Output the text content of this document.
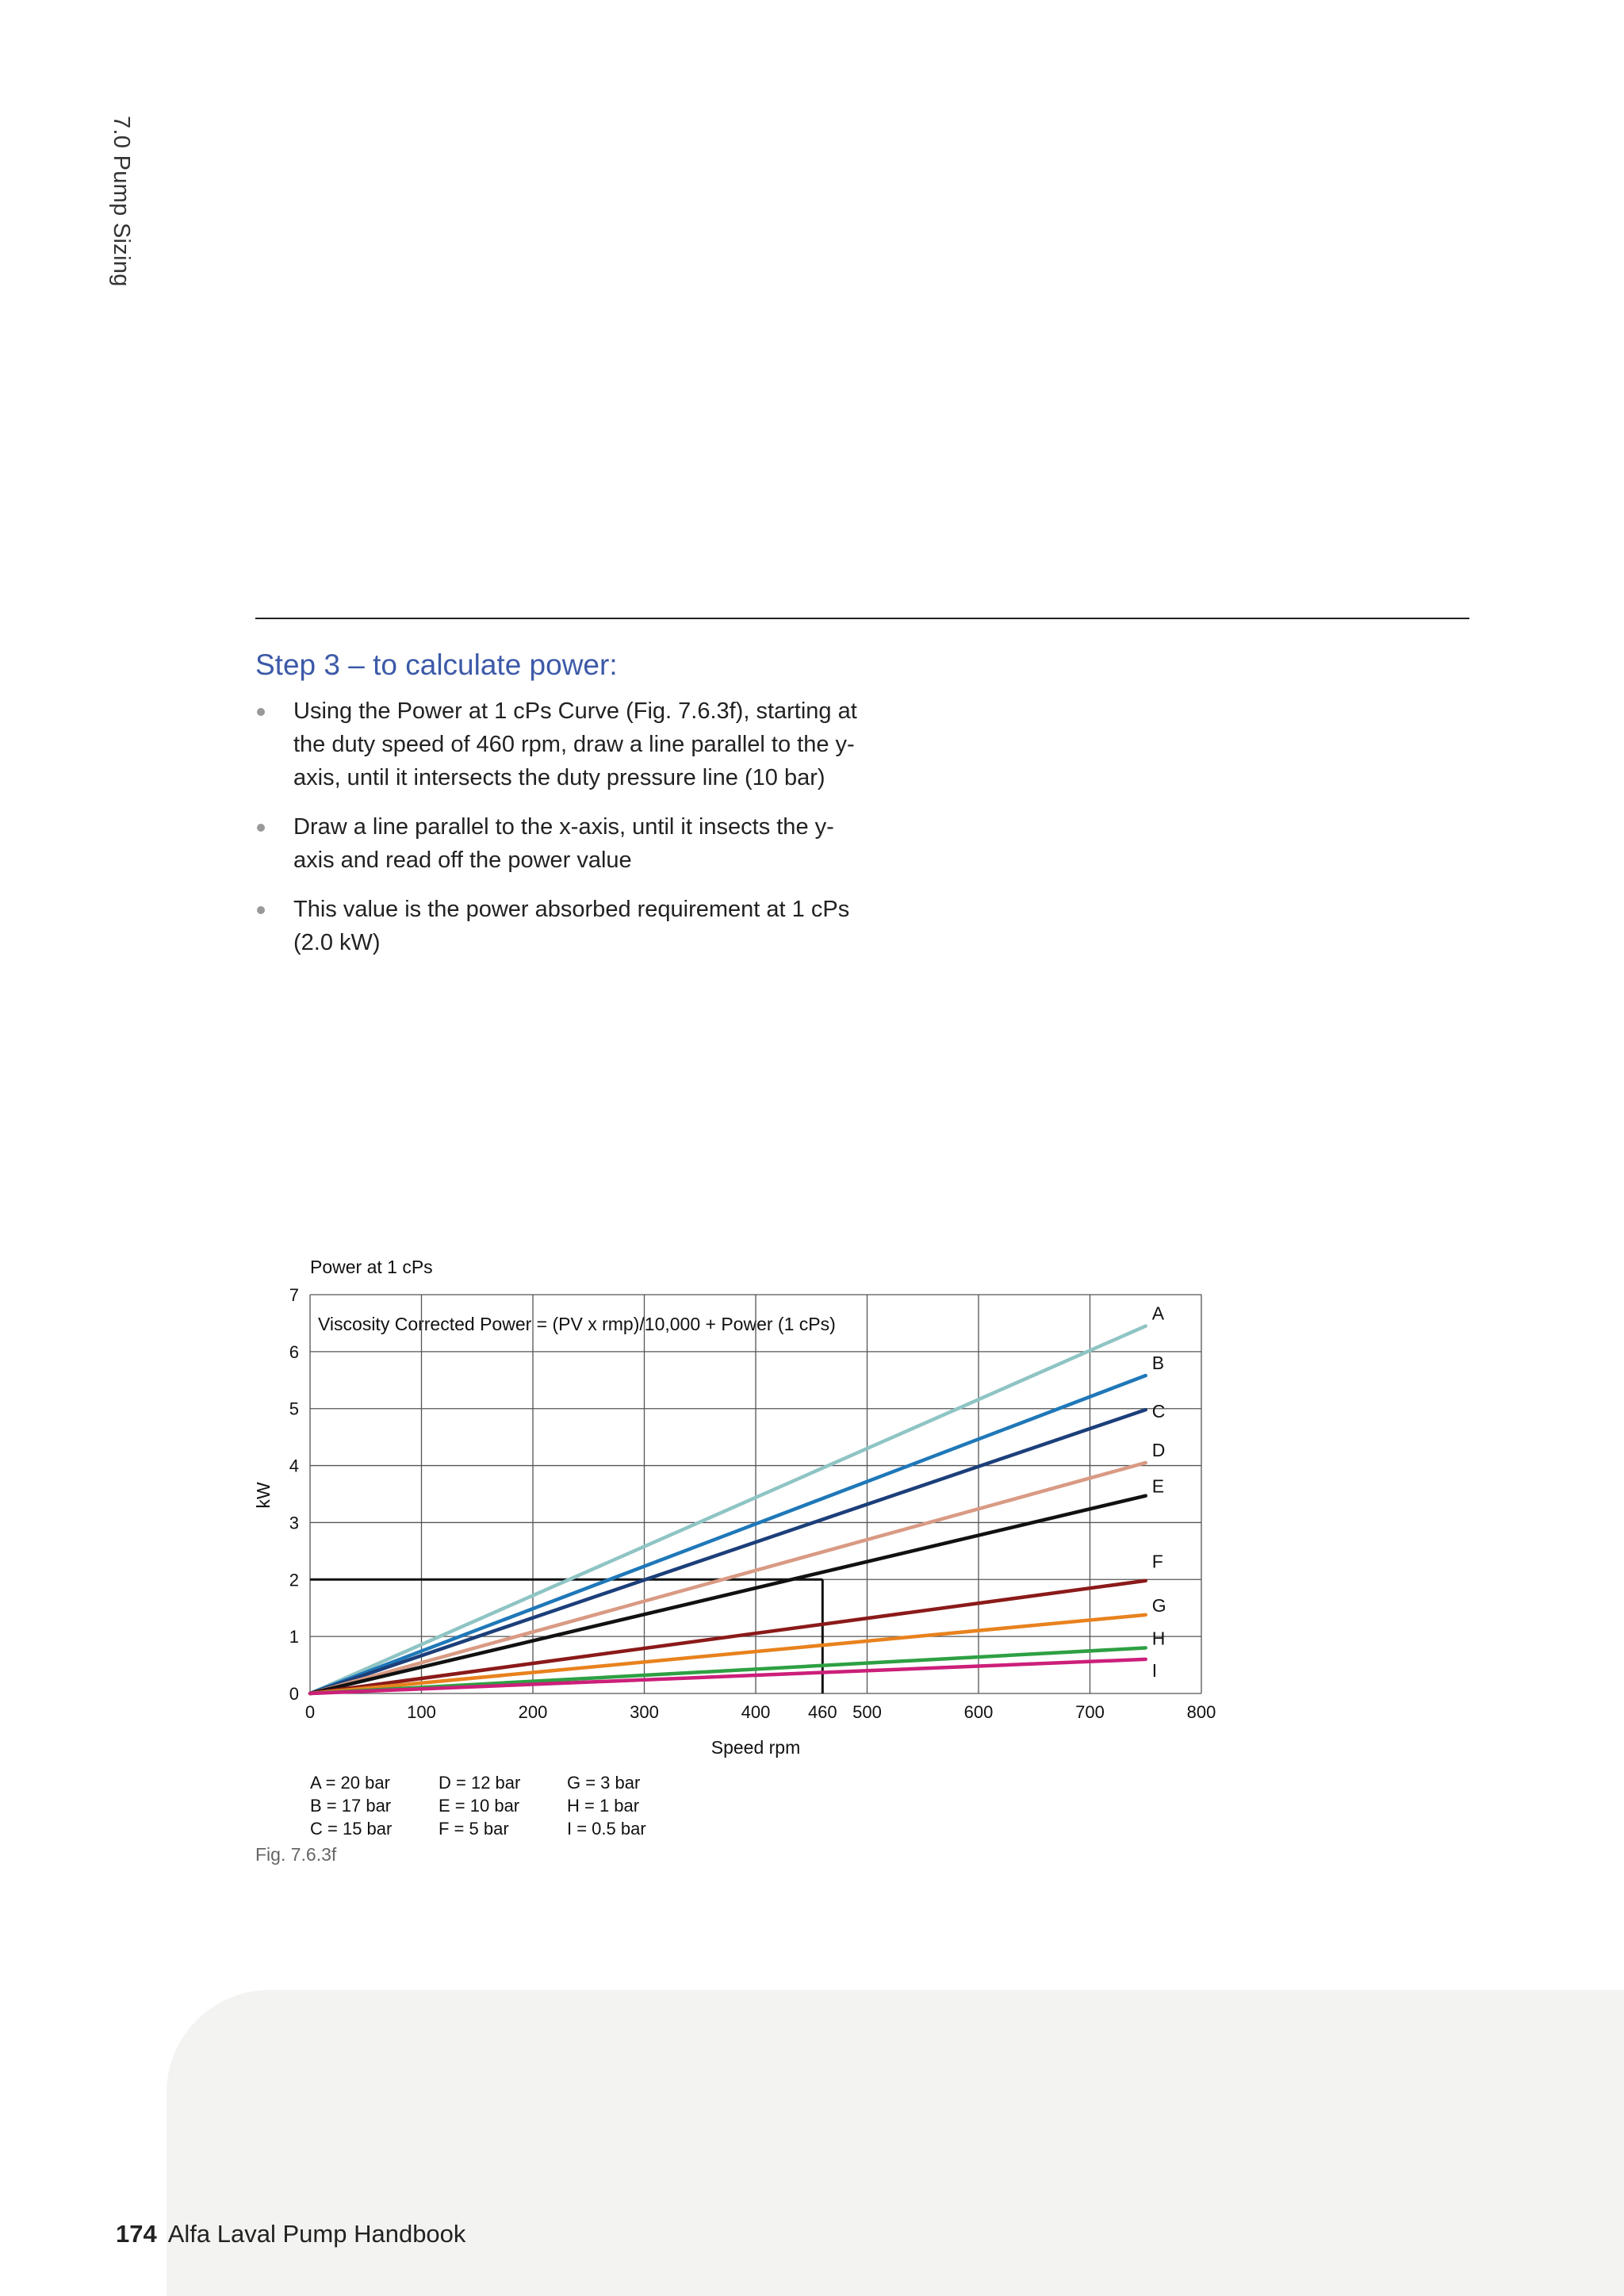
7.0 Pump Sizing
Step 3 – to calculate power:
Using the Power at 1 cPs Curve (Fig. 7.6.3f), starting at the duty speed of 460 rpm, draw a line parallel to the y-axis, until it intersects the duty pressure line (10 bar)
Draw a line parallel to the x-axis, until it insects the y-axis and read off the power value
This value is the power absorbed requirement at 1 cPs (2.0 kW)
Power at 1 cPs
Viscosity Corrected Power = (PV x rmp)/10,000 + Power (1 cPs)
Speed rpm
kW
A
B
C
D
E
F
G
H
I
0	100	200	300	400 460 500	600	700	800
0
1
2
3
4
5
6
7
A = 20 bar
B = 17 bar
C = 15 bar
D = 12 bar
E = 10 bar
F = 5 bar
G = 3 bar
H = 1 bar
I = 0.5 bar
Fig. 7.6.3f
174 Alfa Laval Pump Handbook
